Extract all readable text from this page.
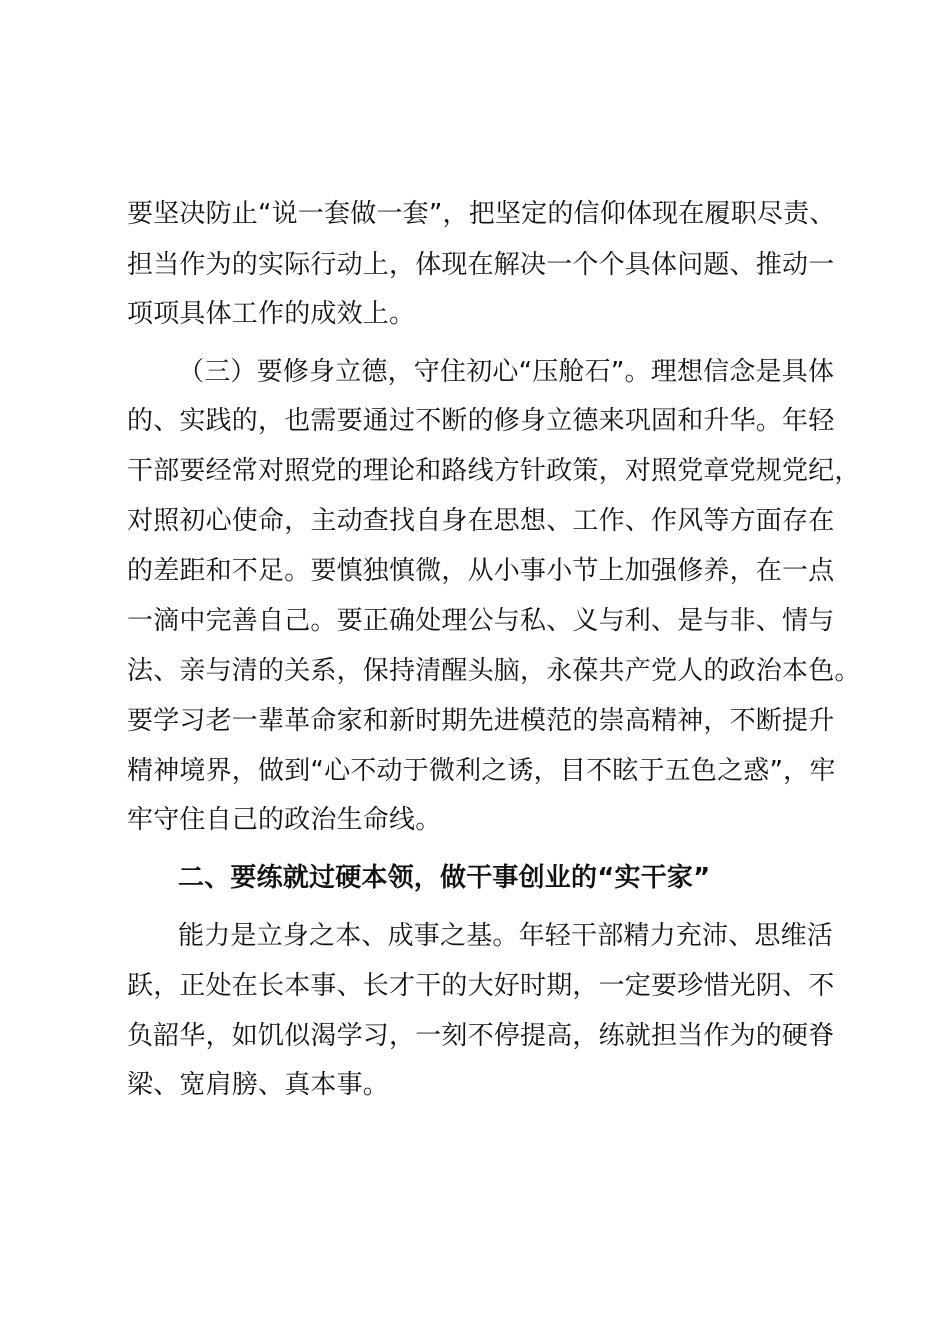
要坚决防止“说一套做一套”，把坚定的信仰体现在履职尽责、
担当作为的实际行动上，体现在解决一个个具体问题、推动一
项项具体工作的成效上。
（三）要修身立德，守住初心“压舱石”。理想信念是具体
的、实践的，也需要通过不断的修身立德来巩固和升华。年轻
干部要经常对照党的理论和路线方针政策，对照党章党规党纪，
对照初心使命，主动查找自身在思想、工作、作风等方面存在
的差距和不足。要慎独慎微，从小事小节上加强修养，在一点
一滴中完善自己。要正确处理公与私、义与利、是与非、情与
法、亲与清的关系，保持清醒头脑，永葆共产党人的政治本色。
要学习老一辈革命家和新时期先进模范的崇高精神，不断提升
精神境界，做到“心不动于微利之诱，目不眩于五色之惑”，牢
牢守住自己的政治生命线。
二、要练就过硬本领，做干事创业的“实干家”
能力是立身之本、成事之基。年轻干部精力充沛、思维活
跃，正处在长本事、长才干的大好时期，一定要珍惜光阴、不
负韶华，如饥似渴学习，一刻不停提高，练就担当作为的硬脊
梁、宽肩膀、真本事。
